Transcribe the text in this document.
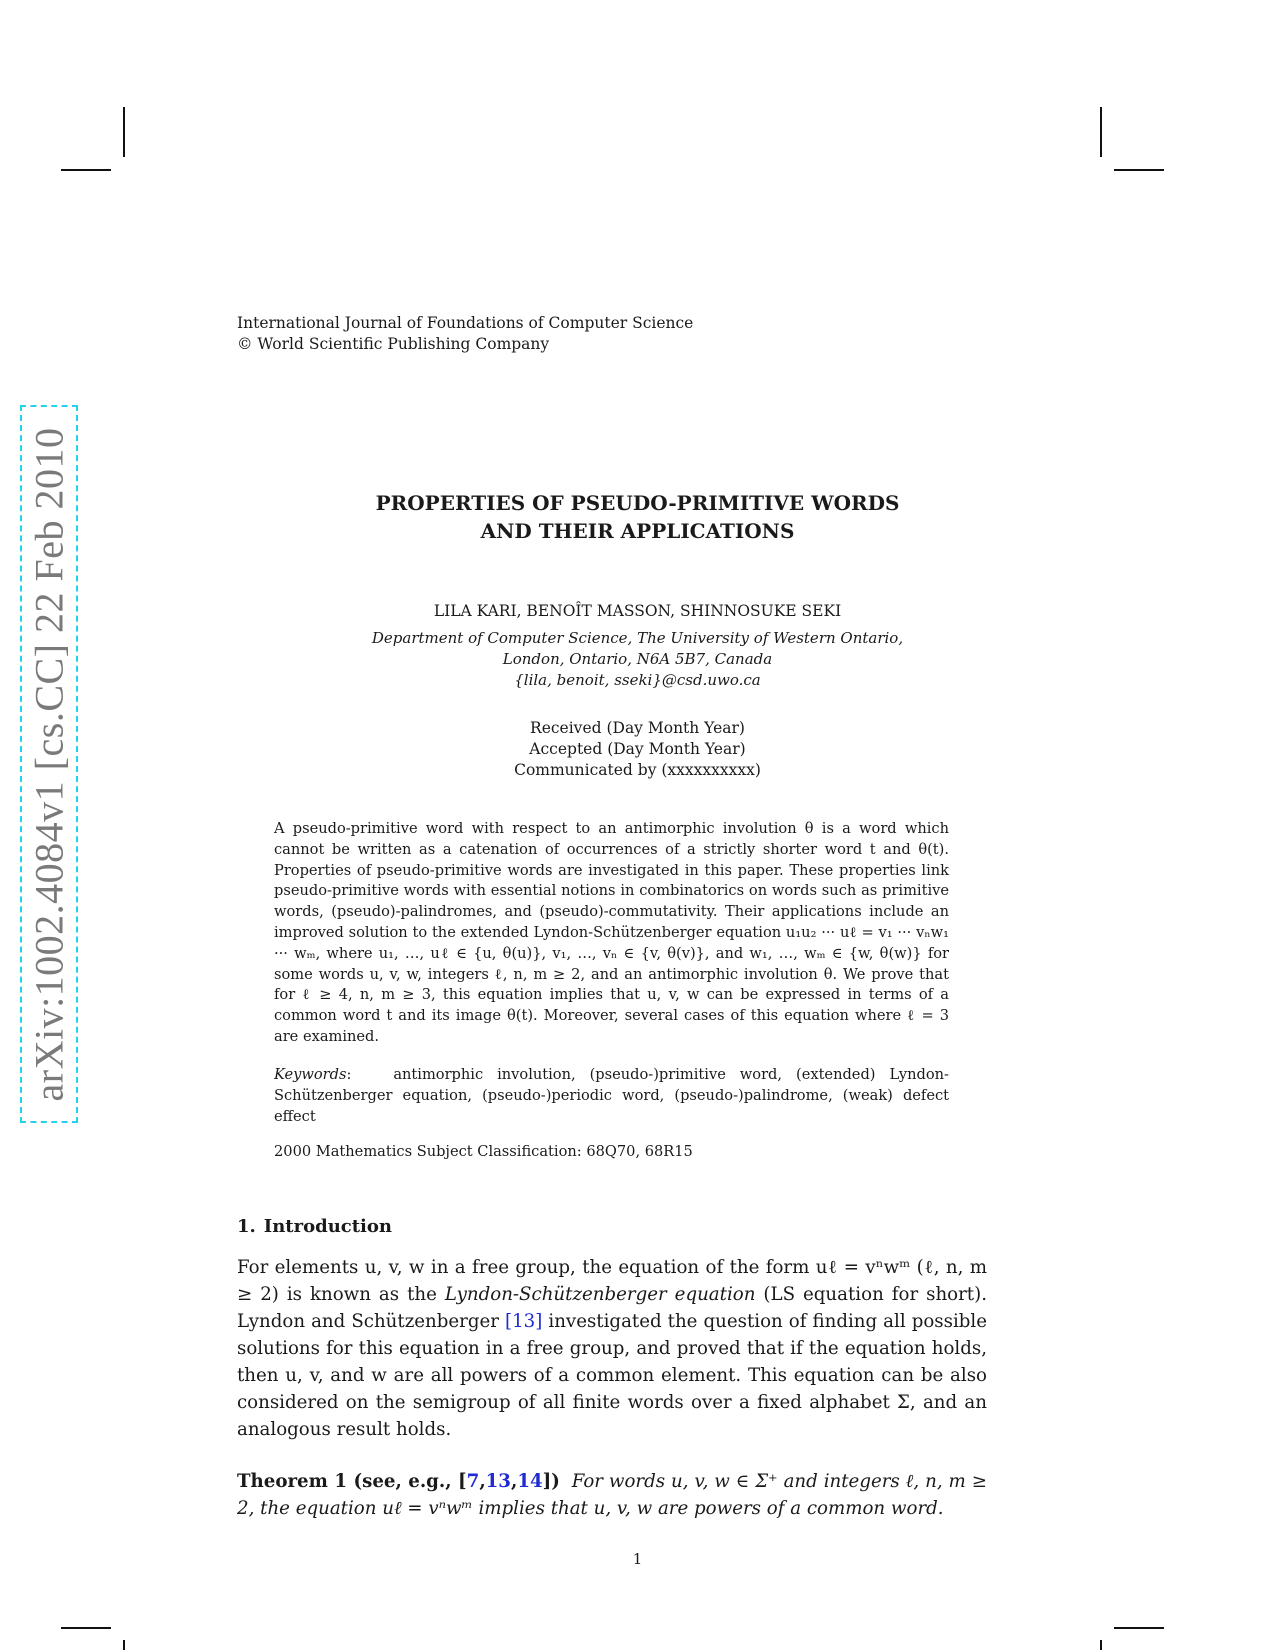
arXiv:1002.4084v1 [cs.CC] 22 Feb 2010
International Journal of Foundations of Computer Science
© World Scientific Publishing Company
PROPERTIES OF PSEUDO-PRIMITIVE WORDS
AND THEIR APPLICATIONS
LILA KARI, BENOÎT MASSON, SHINNOSUKE SEKI
Department of Computer Science, The University of Western Ontario,
London, Ontario, N6A 5B7, Canada
{lila, benoit, sseki}@csd.uwo.ca
Received (Day Month Year)
Accepted (Day Month Year)
Communicated by (xxxxxxxxxx)
A pseudo-primitive word with respect to an antimorphic involution θ is a word which cannot be written as a catenation of occurrences of a strictly shorter word t and θ(t). Properties of pseudo-primitive words are investigated in this paper. These properties link pseudo-primitive words with essential notions in combinatorics on words such as primitive words, (pseudo)-palindromes, and (pseudo)-commutativity. Their applications include an improved solution to the extended Lyndon-Schützenberger equation u₁u₂ ··· uℓ = v₁ ··· vₙw₁ ··· wₘ, where u₁, …, uℓ ∈ {u, θ(u)}, v₁, …, vₙ ∈ {v, θ(v)}, and w₁, …, wₘ ∈ {w, θ(w)} for some words u, v, w, integers ℓ, n, m ≥ 2, and an antimorphic involution θ. We prove that for ℓ ≥ 4, n, m ≥ 3, this equation implies that u, v, w can be expressed in terms of a common word t and its image θ(t). Moreover, several cases of this equation where ℓ = 3 are examined.
Keywords:   antimorphic involution, (pseudo-)primitive word, (extended) Lyndon-Schützenberger equation, (pseudo-)periodic word, (pseudo-)palindrome, (weak) defect effect
2000 Mathematics Subject Classification: 68Q70, 68R15
1. Introduction
For elements u, v, w in a free group, the equation of the form uℓ = vⁿwᵐ (ℓ, n, m ≥ 2) is known as the Lyndon-Schützenberger equation (LS equation for short). Lyndon and Schützenberger [13] investigated the question of finding all possible solutions for this equation in a free group, and proved that if the equation holds, then u, v, and w are all powers of a common element. This equation can be also considered on the semigroup of all finite words over a fixed alphabet Σ, and an analogous result holds.
Theorem 1 (see, e.g., [7,13,14]) For words u, v, w ∈ Σ⁺ and integers ℓ, n, m ≥ 2, the equation uℓ = vⁿwᵐ implies that u, v, w are powers of a common word.
1
